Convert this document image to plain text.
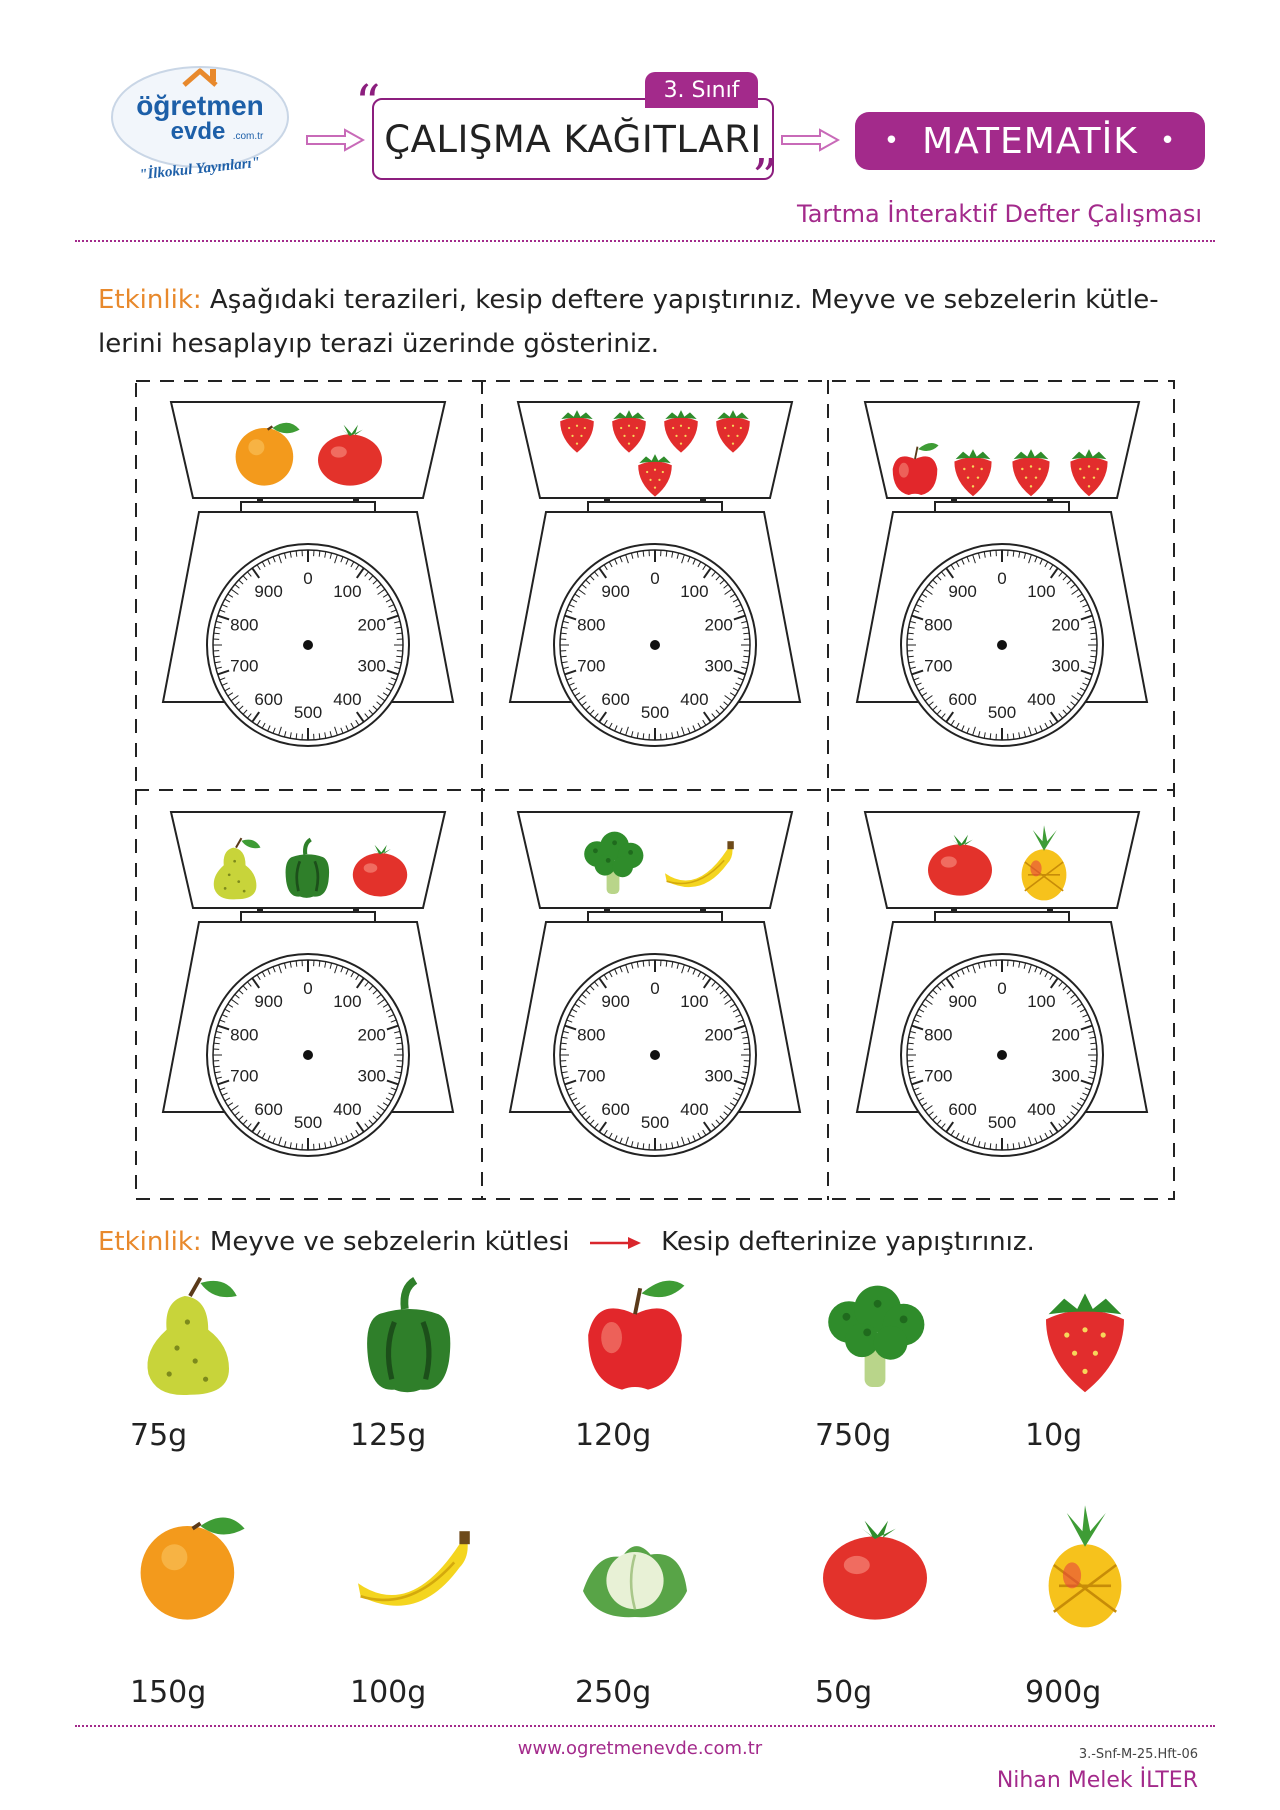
öğretmen
evde .com.tr
"İlkokul Yayınları"
ÇALIŞMA KAĞITLARI
3. Sınıf
“
”
• MATEMATİK •
Tartma İnteraktif Defter Çalışması
Etkinlik: Aşağıdaki terazileri, kesip deftere yapıştırınız. Meyve ve sebzelerin kütle-lerini hesaplayıp terazi üzerinde gösteriniz.
0
100
200
300
400
500
600
700
800
900
0
100
200
300
400
500
600
700
800
900
0
100
200
300
400
500
600
700
800
900
0
100
200
300
400
500
600
700
800
900
0
100
200
300
400
500
600
700
800
900
0
100
200
300
400
500
600
700
800
900
Etkinlik: Meyve ve sebzelerin kütlesi	Kesip defterinize yapıştırınız.
75g	125g	120g	750g	10g
150g	100g	250g	50g	900g
www.ogretmenevde.com.tr	3.-Snf-M-25.Hft-06
Nihan Melek İLTER
